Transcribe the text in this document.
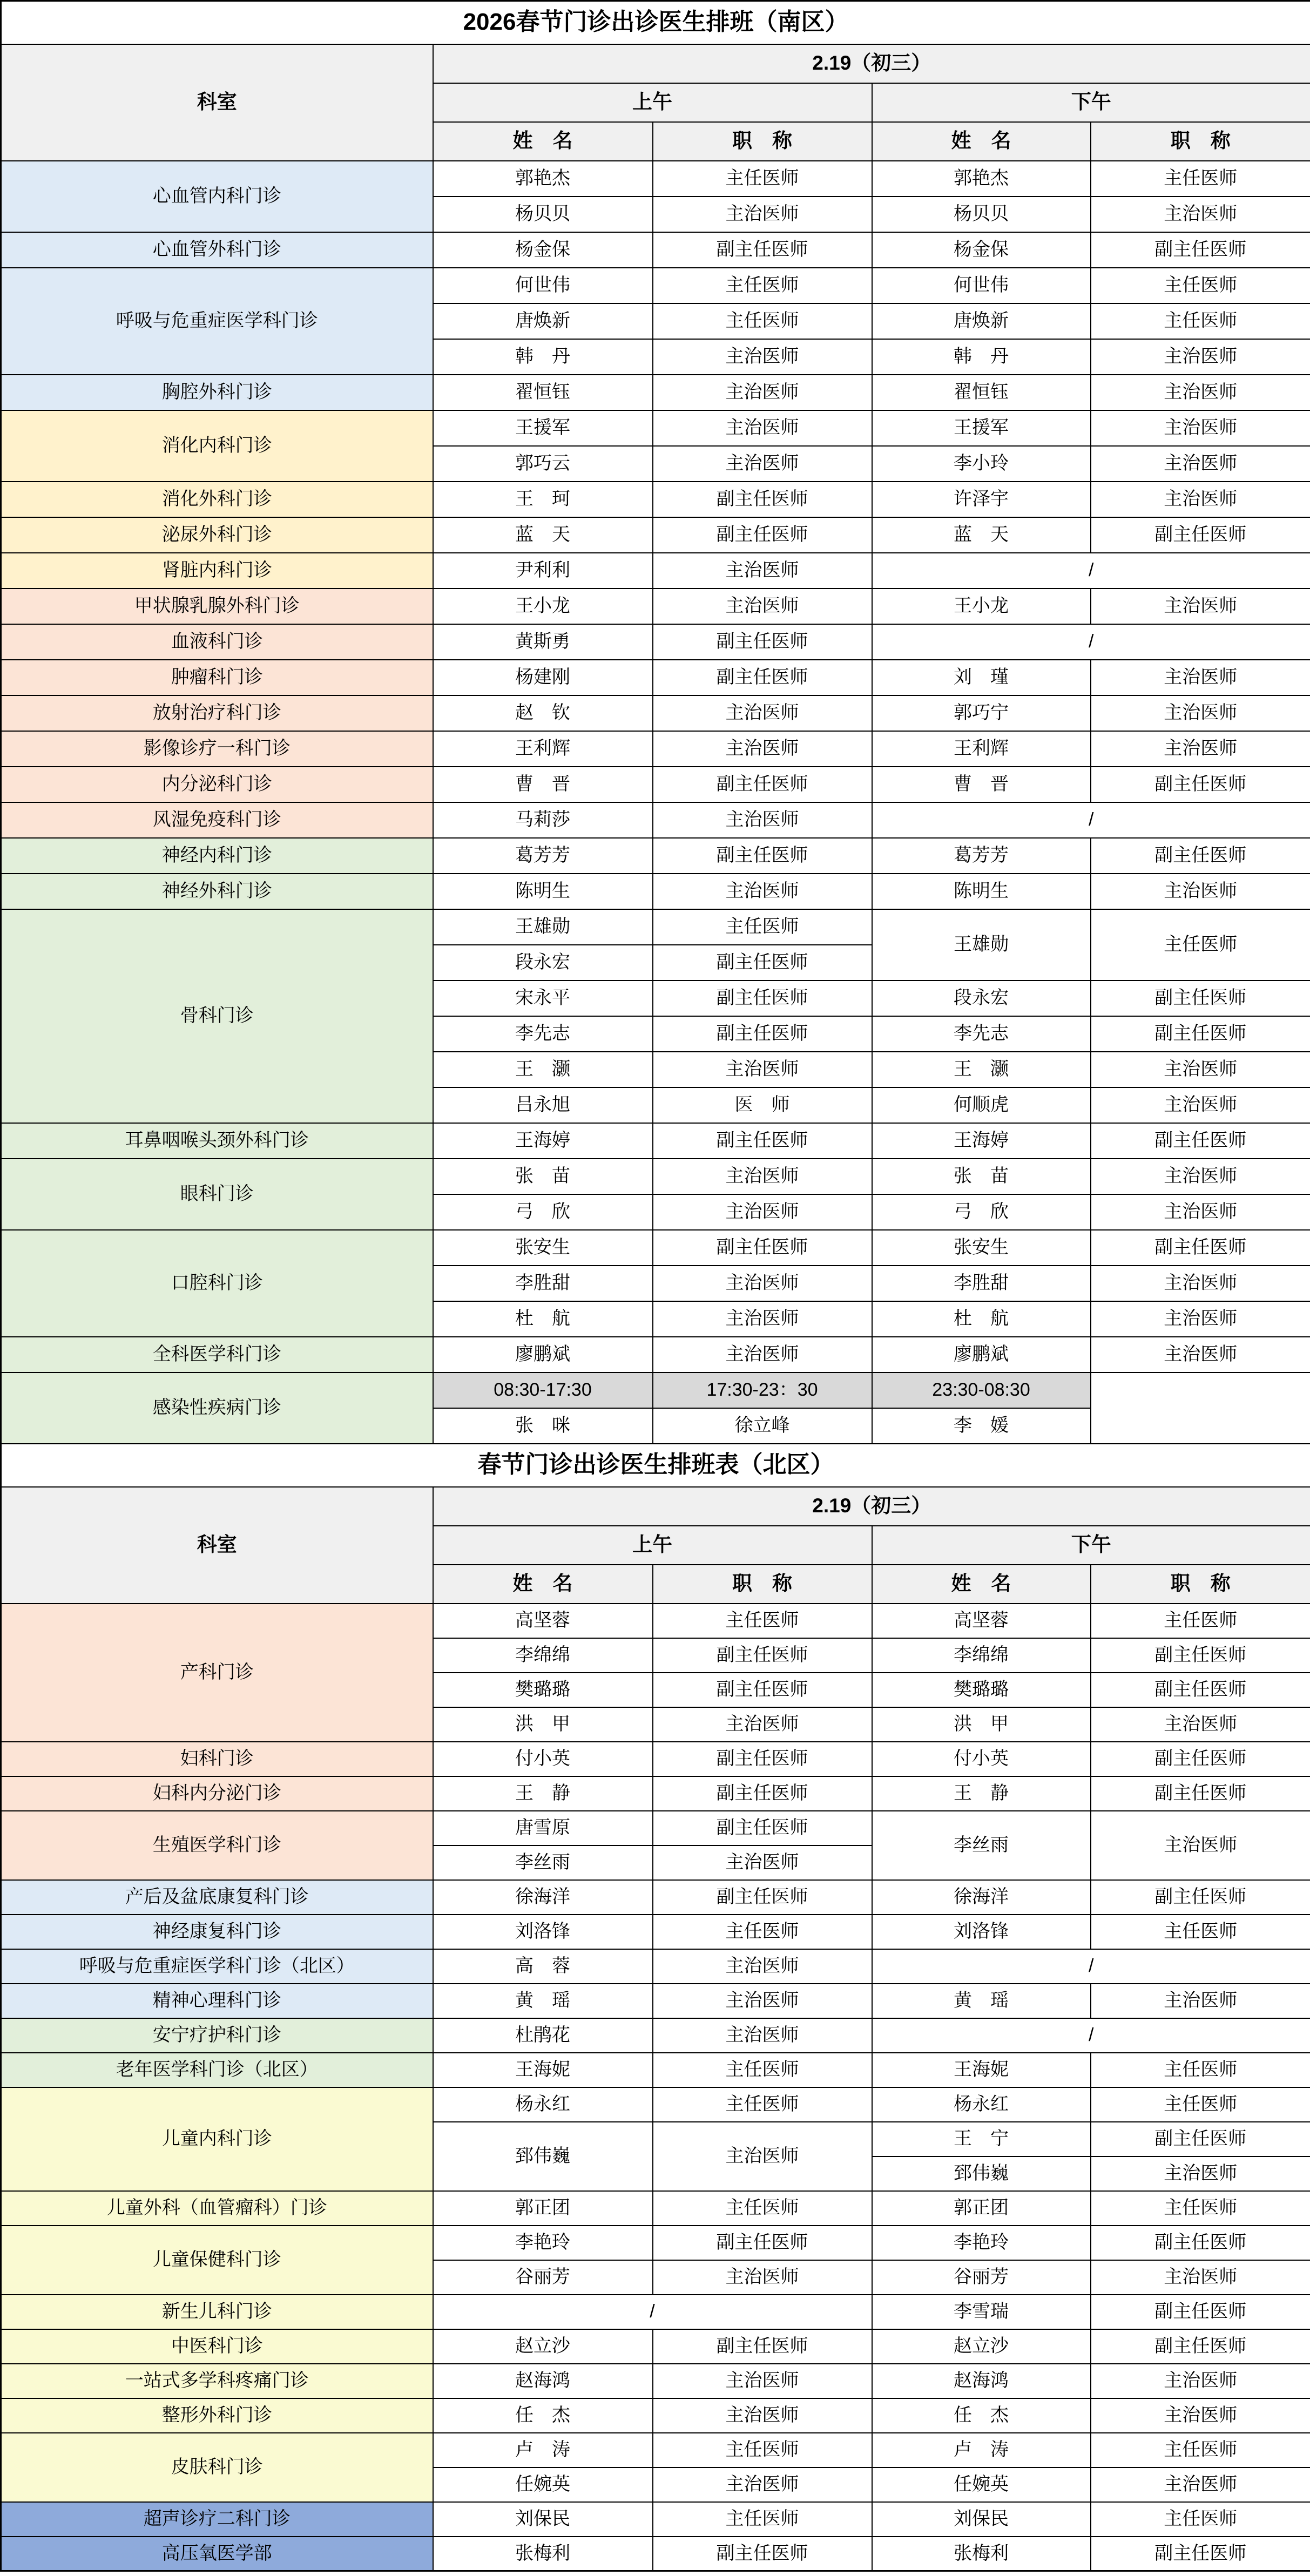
2026春节门诊出诊医生排班（南区）				
科室	2.19（初三）			
	上午		下午	
	姓　名	职　称	姓　名	职　称
心血管内科门诊	郭艳杰	主任医师	郭艳杰	主任医师
	杨贝贝	主治医师	杨贝贝	主治医师
心血管外科门诊	杨金保	副主任医师	杨金保	副主任医师
呼吸与危重症医学科门诊	何世伟	主任医师	何世伟	主任医师
	唐焕新	主任医师	唐焕新	主任医师
	韩　丹	主治医师	韩　丹	主治医师
胸腔外科门诊	翟恒钰	主治医师	翟恒钰	主治医师
消化内科门诊	王援军	主治医师	王援军	主治医师
	郭巧云	主治医师	李小玲	主治医师
消化外科门诊	王　珂	副主任医师	许泽宇	主治医师
泌尿外科门诊	蓝　天	副主任医师	蓝　天	副主任医师
肾脏内科门诊	尹利利	主治医师	/	
甲状腺乳腺外科门诊	王小龙	主治医师	王小龙	主治医师
血液科门诊	黄斯勇	副主任医师	/	
肿瘤科门诊	杨建刚	副主任医师	刘　瑾	主治医师
放射治疗科门诊	赵　钦	主治医师	郭巧宁	主治医师
影像诊疗一科门诊	王利辉	主治医师	王利辉	主治医师
内分泌科门诊	曹　晋	副主任医师	曹　晋	副主任医师
风湿免疫科门诊	马莉莎	主治医师	/	
神经内科门诊	葛芳芳	副主任医师	葛芳芳	副主任医师
神经外科门诊	陈明生	主治医师	陈明生	主治医师
骨科门诊	王雄勋	主任医师	王雄勋	主任医师
	段永宏	副主任医师		
	宋永平	副主任医师	段永宏	副主任医师
	李先志	副主任医师	李先志	副主任医师
	王　灏	主治医师	王　灏	主治医师
	吕永旭	医　师	何顺虎	主治医师
耳鼻咽喉头颈外科门诊	王海婷	副主任医师	王海婷	副主任医师
眼科门诊	张　苗	主治医师	张　苗	主治医师
	弓　欣	主治医师	弓　欣	主治医师
口腔科门诊	张安生	副主任医师	张安生	副主任医师
	李胜甜	主治医师	李胜甜	主治医师
	杜　航	主治医师	杜　航	主治医师
全科医学科门诊	廖鹏斌	主治医师	廖鹏斌	主治医师
感染性疾病门诊	08:30-17:30	17:30-23：30	23:30-08:30	
	张　咪	徐立峰	李　媛	
春节门诊出诊医生排班表（北区）				
科室	2.19（初三）			
	上午		下午	
	姓　名	职　称	姓　名	职　称
产科门诊	高坚蓉	主任医师	高坚蓉	主任医师
	李绵绵	副主任医师	李绵绵	副主任医师
	樊璐璐	副主任医师	樊璐璐	副主任医师
	洪　甲	主治医师	洪　甲	主治医师
妇科门诊	付小英	副主任医师	付小英	副主任医师
妇科内分泌门诊	王　静	副主任医师	王　静	副主任医师
生殖医学科门诊	唐雪原	副主任医师	李丝雨	主治医师
	李丝雨	主治医师		
产后及盆底康复科门诊	徐海洋	副主任医师	徐海洋	副主任医师
神经康复科门诊	刘洛锋	主任医师	刘洛锋	主任医师
呼吸与危重症医学科门诊（北区）	高　蓉	主治医师	/	
精神心理科门诊	黄　瑶	主治医师	黄　瑶	主治医师
安宁疗护科门诊	杜鹃花	主治医师	/	
老年医学科门诊（北区）	王海妮	主任医师	王海妮	主任医师
儿童内科门诊	杨永红	主任医师	杨永红	主任医师
	郅伟巍	主治医师	王　宁	副主任医师
			郅伟巍	主治医师
儿童外科（血管瘤科）门诊	郭正团	主任医师	郭正团	主任医师
儿童保健科门诊	李艳玲	副主任医师	李艳玲	副主任医师
	谷丽芳	主治医师	谷丽芳	主治医师
新生儿科门诊	/		李雪瑞	副主任医师
中医科门诊	赵立沙	副主任医师	赵立沙	副主任医师
一站式多学科疼痛门诊	赵海鸿	主治医师	赵海鸿	主治医师
整形外科门诊	任　杰	主治医师	任　杰	主治医师
皮肤科门诊	卢　涛	主任医师	卢　涛	主任医师
	任婉英	主治医师	任婉英	主治医师
超声诊疗二科门诊	刘保民	主任医师	刘保民	主任医师
高压氧医学部	张梅利	副主任医师	张梅利	副主任医师
